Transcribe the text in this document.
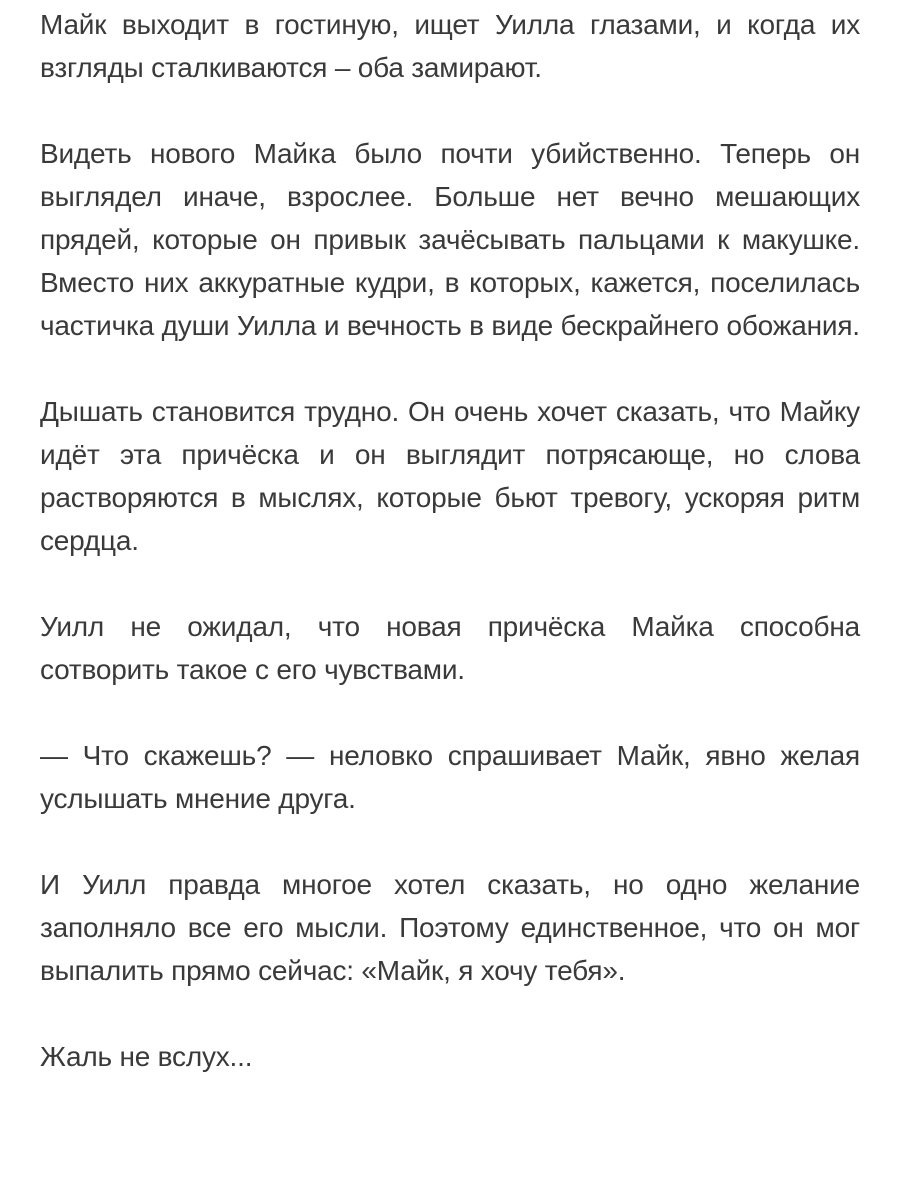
Майк выходит в гостиную, ищет Уилла глазами, и когда их взгляды сталкиваются – оба замирают.

Видеть нового Майка было почти убийственно. Теперь он выглядел иначе, взрослее. Больше нет вечно мешающих прядей, которые он привык зачёсывать пальцами к макушке. Вместо них аккуратные кудри, в которых, кажется, поселилась частичка души Уилла и вечность в виде бескрайнего обожания.

Дышать становится трудно. Он очень хочет сказать, что Майку идёт эта причёска и он выглядит потрясающе, но слова растворяются в мыслях, которые бьют тревогу, ускоряя ритм сердца.

Уилл не ожидал, что новая причёска Майка способна сотворить такое с его чувствами.

— Что скажешь? — неловко спрашивает Майк, явно желая услышать мнение друга.

И Уилл правда многое хотел сказать, но одно желание заполняло все его мысли. Поэтому единственное, что он мог выпалить прямо сейчас: «Майк, я хочу тебя».

Жаль не вслух...
